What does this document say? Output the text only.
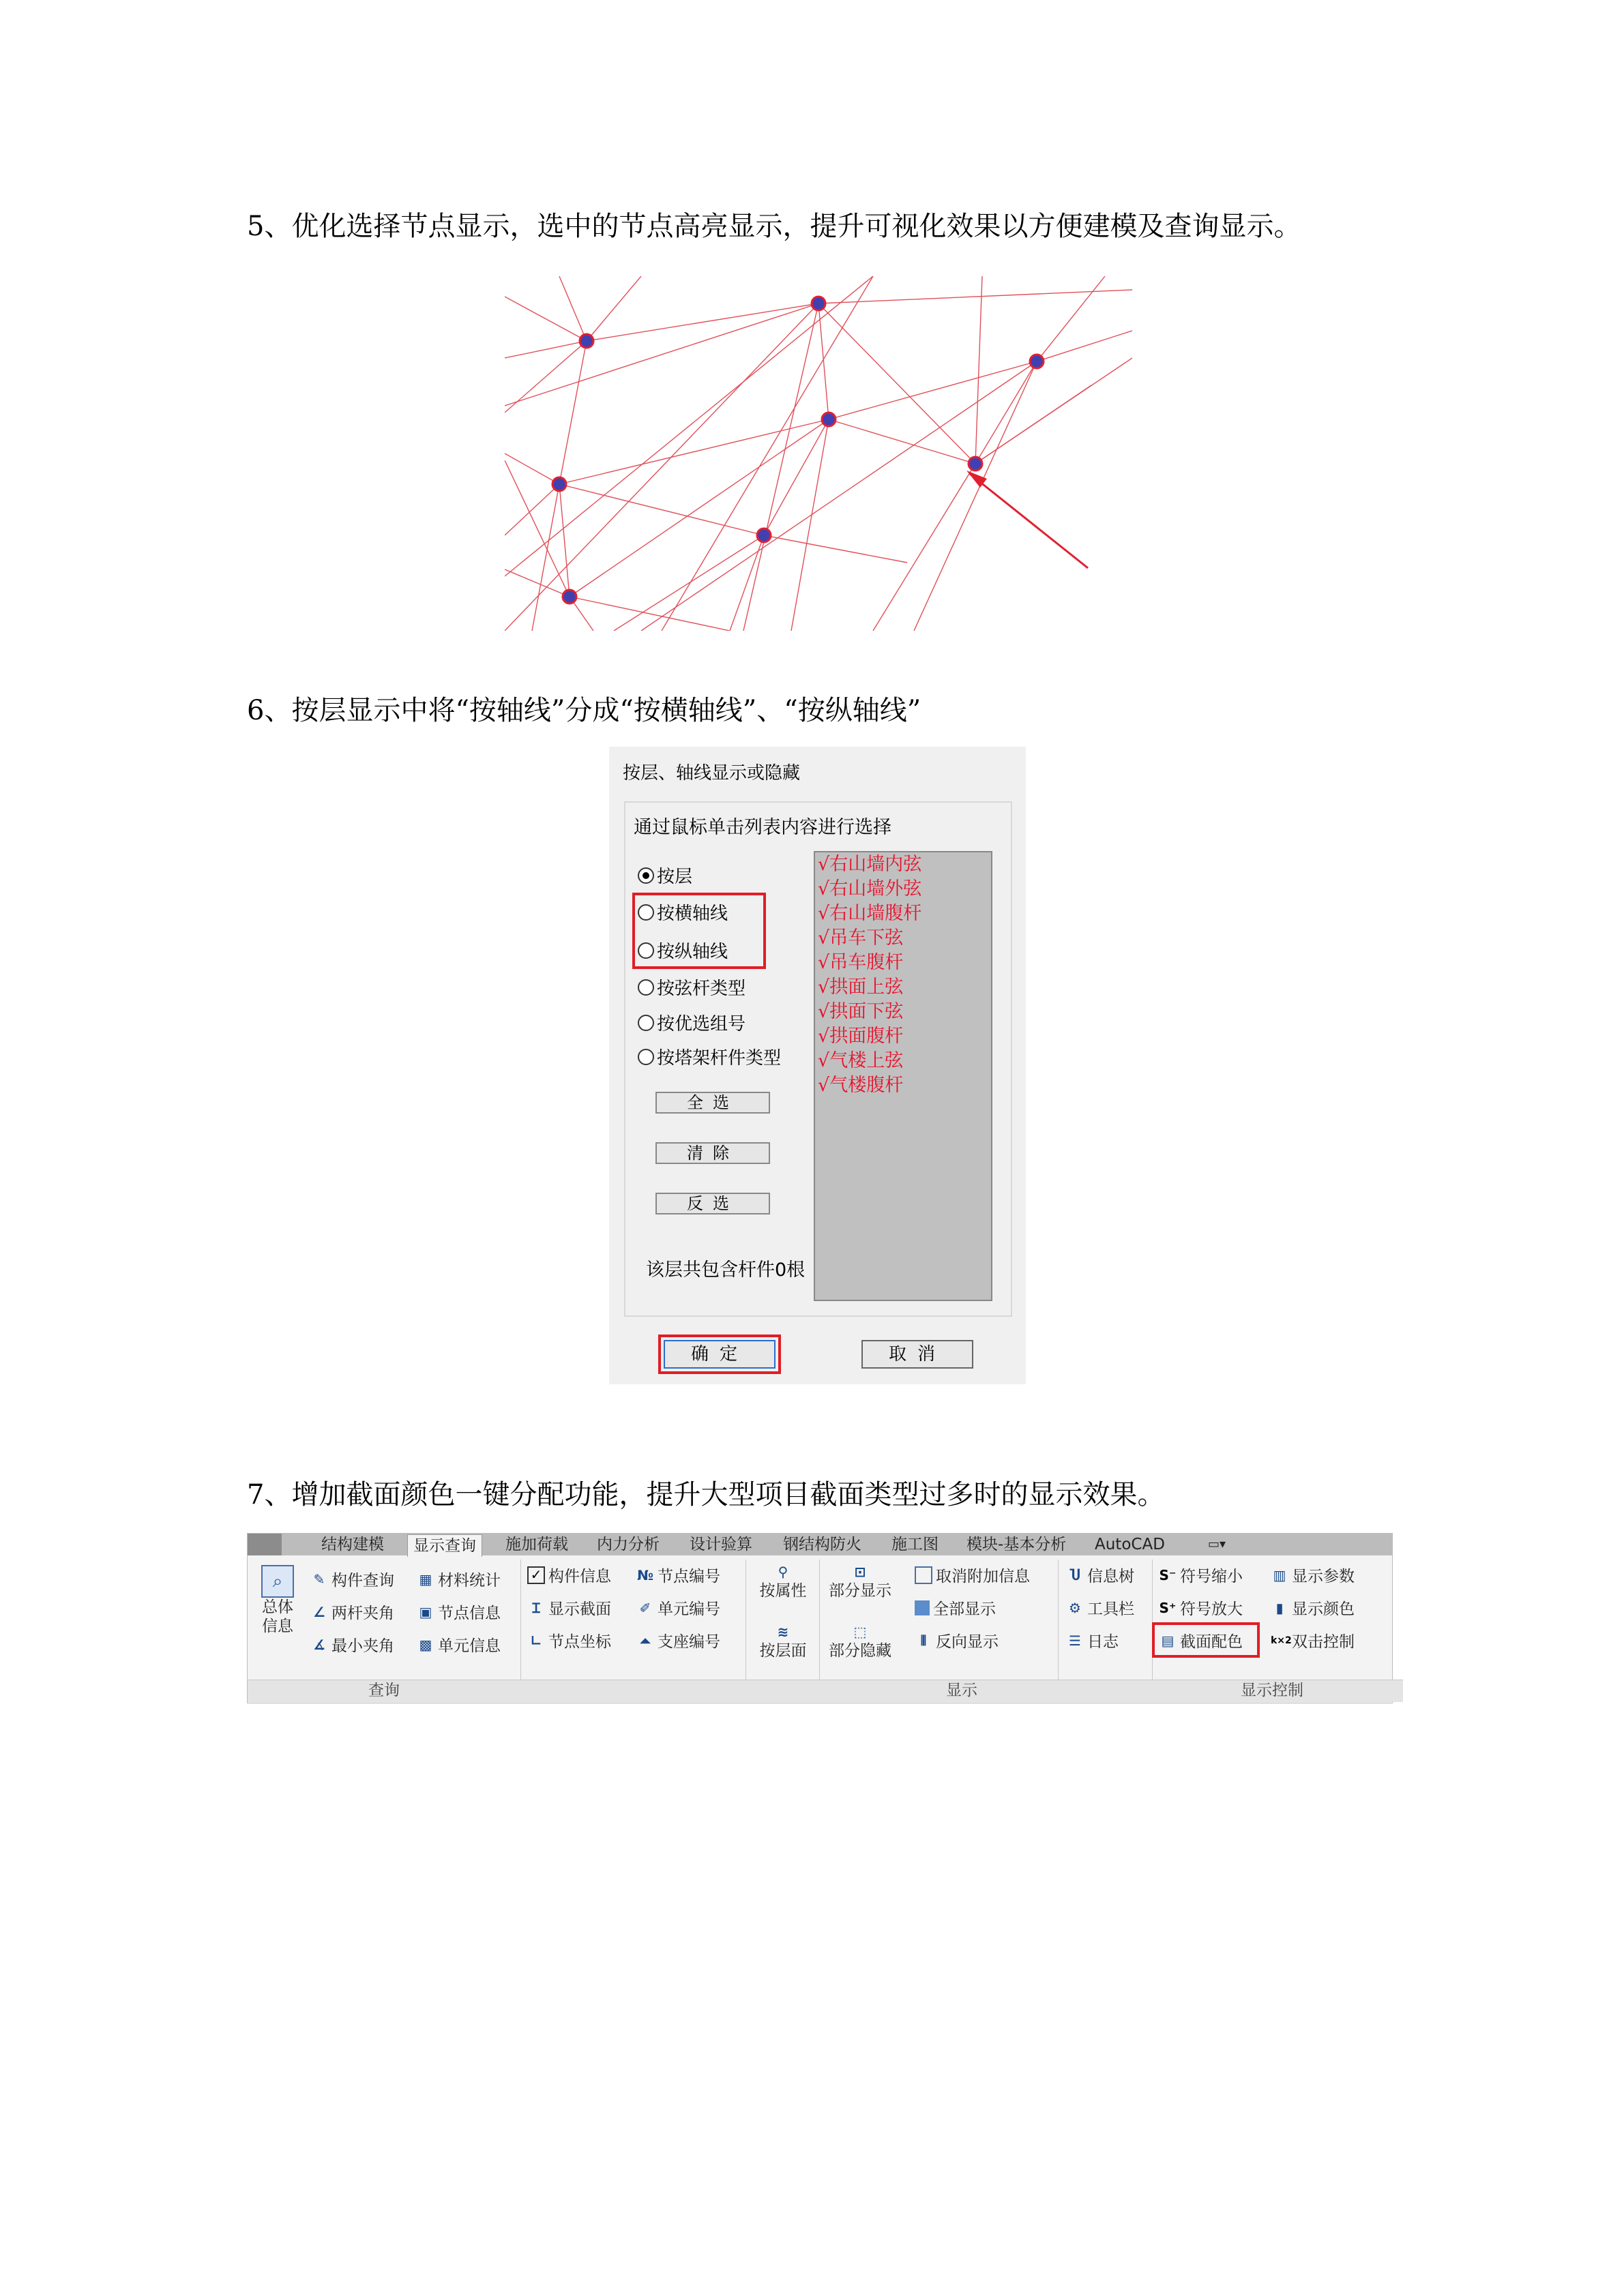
5、优化选择节点显示，选中的节点高亮显示，提升可视化效果以方便建模及查询显示。
6、按层显示中将“按轴线”分成“按横轴线”、“按纵轴线”
按层、轴线显示或隐藏
通过鼠标单击列表内容进行选择
按层
按横轴线
按纵轴线
按弦杆类型
按优选组号
按塔架杆件类型
全选
清除
反选
√右山墙内弦
√右山墙外弦
√右山墙腹杆
√吊车下弦
√吊车腹杆
√拱面上弦
√拱面下弦
√拱面腹杆
√气楼上弦
√气楼腹杆
该层共包含杆件0根
确定	取消
7、增加截面颜色一键分配功能，提升大型项目截面类型过多时的显示效果。
结构建模	显示查询	施加荷载 内力分析 设计验算 钢结构防火 施工图 模块-基本分析 AutoCAD	▭▾
⌕
总体信息
✎ 构件查询
∠ 两杆夹角
∡ 最小夹角
▦ 材料统计
▣ 节点信息
▩ 单元信息
查询
✓ 构件信息
Ɪ 显示截面
∟ 节点坐标
№ 节点编号
✐ 单元编号
⏶ 支座编号
⚲
按属性
≋
按层面
⊡
部分显示
⬚
部分隐藏
取消附加信息
全部显示
⫴ 反向显示
显示
Ⴎ 信息树
⚙ 工具栏
☰ 日志
S⁻ 符号缩小
S⁺ 符号放大
▤ 截面配色
▥ 显示参数
▮ 显示颜色
k×2 双击控制
显示控制
